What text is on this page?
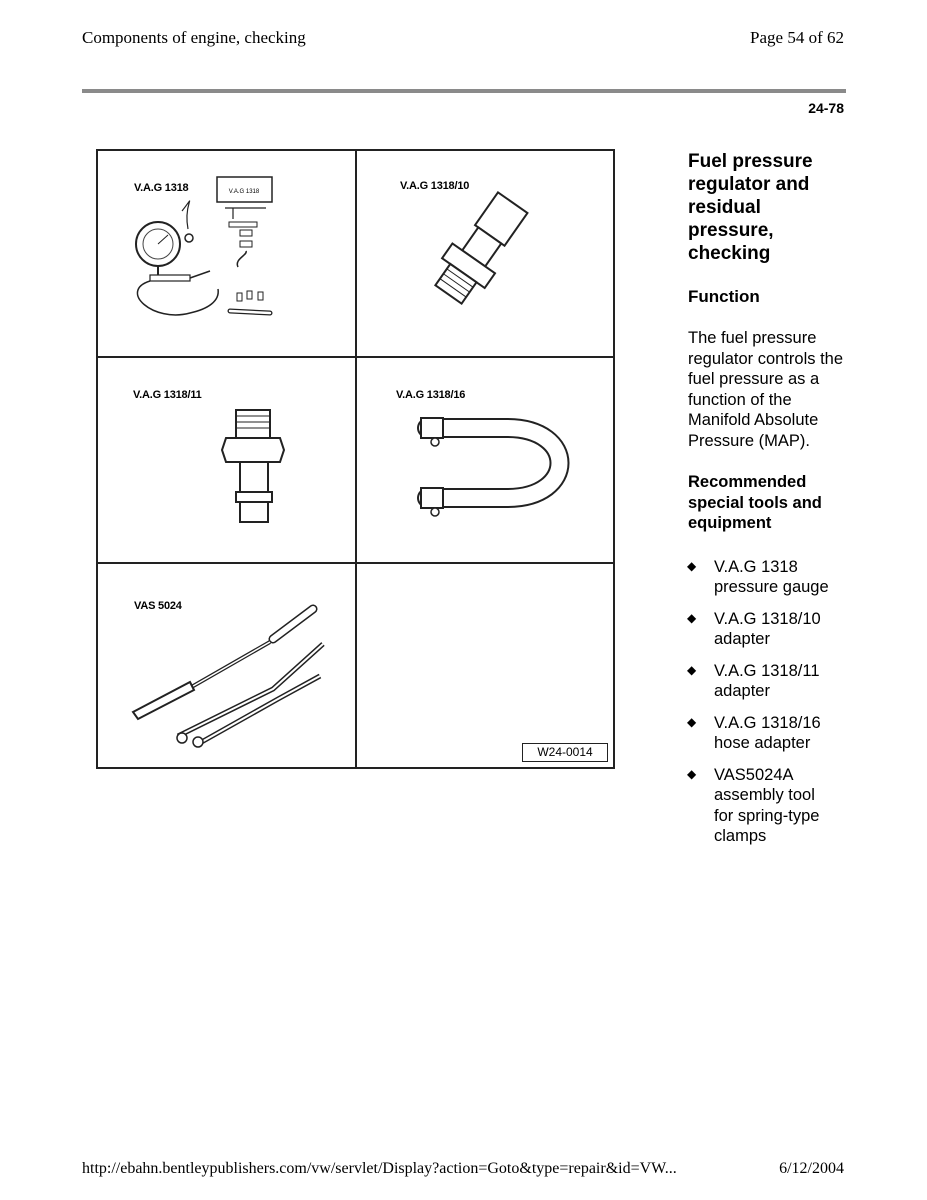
Components of engine, checking	Page 54 of 62
24-78
V.A.G 1318	V.A.G 1318	V.A.G 1318/10
V.A.G 1318/11	V.A.G 1318/16
VAS 5024
W24-0014
Fuel pressure regulator and residual pressure, checking
Function
The fuel pressure regulator controls the fuel pressure as a function of the Manifold Absolute Pressure (MAP).
Recommended special tools and equipment
◆ V.A.G 1318 pressure gauge
◆ V.A.G 1318/10 adapter
◆ V.A.G 1318/11 adapter
◆ V.A.G 1318/16 hose adapter
◆ VAS5024A assembly tool for spring-type clamps
http://ebahn.bentleypublishers.com/vw/servlet/Display?action=Goto&type=repair&id=VW...	6/12/2004
